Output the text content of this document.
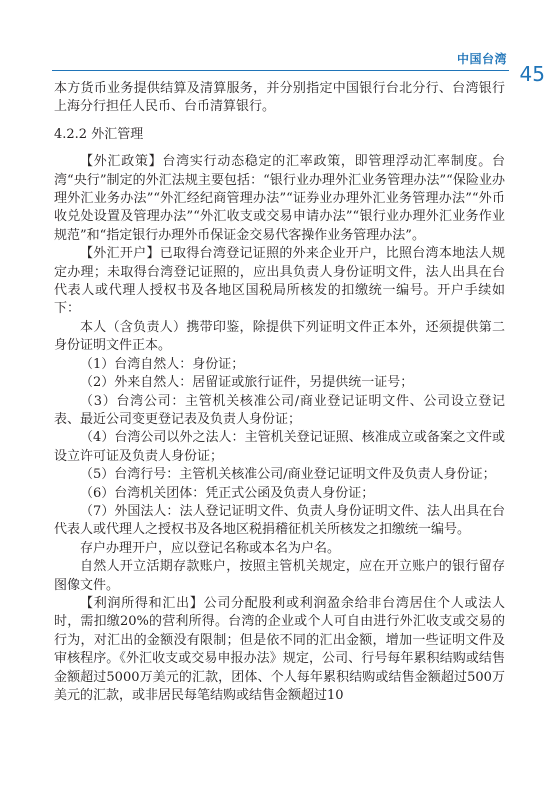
中国台湾
45

本方货币业务提供结算及清算服务，并分别指定中国银行台北分行、台湾银行上海分行担任人民币、台币清算银行。

4.2.2 外汇管理

【外汇政策】台湾实行动态稳定的汇率政策，即管理浮动汇率制度。台湾“央行”制定的外汇法规主要包括：“银行业办理外汇业务管理办法”“保险业办理外汇业务办法”“外汇经纪商管理办法”“证券业办理外汇业务管理办法”“外币收兑处设置及管理办法”“外汇收支或交易申请办法”“银行业办理外汇业务作业规范”和“指定银行办理外币保证金交易代客操作业务管理办法”。

【外汇开户】已取得台湾登记证照的外来企业开户，比照台湾本地法人规定办理；未取得台湾登记证照的，应出具负责人身份证明文件，法人出具在台代表人或代理人授权书及各地区国税局所核发的扣缴统一编号。开户手续如下：

本人（含负责人）携带印鉴，除提供下列证明文件正本外，还须提供第二身份证明文件正本。

（1）台湾自然人：身份证；

（2）外来自然人：居留证或旅行证件，另提供统一证号；

（3）台湾公司：主管机关核准公司/商业登记证明文件、公司设立登记表、最近公司变更登记表及负责人身份证；

（4）台湾公司以外之法人：主管机关登记证照、核准成立或备案之文件或设立许可证及负责人身份证；

（5）台湾行号：主管机关核准公司/商业登记证明文件及负责人身份证；

（6）台湾机关团体：凭正式公函及负责人身份证；

（7）外国法人：法人登记证明文件、负责人身份证明文件、法人出具在台代表人或代理人之授权书及各地区税捐稽征机关所核发之扣缴统一编号。

存户办理开户，应以登记名称或本名为户名。

自然人开立活期存款账户，按照主管机关规定，应在开立账户的银行留存图像文件。

【利润所得和汇出】公司分配股利或利润盈余给非台湾居住个人或法人时，需扣缴20%的营利所得。台湾的企业或个人可自由进行外汇收支或交易的行为，对汇出的金额没有限制；但是依不同的汇出金额，增加一些证明文件及审核程序。《外汇收支或交易申报办法》规定，公司、行号每年累积结购或结售金额超过5000万美元的汇款，团体、个人每年累积结购或结售金额超过500万美元的汇款，或非居民每笔结购或结售金额超过10
